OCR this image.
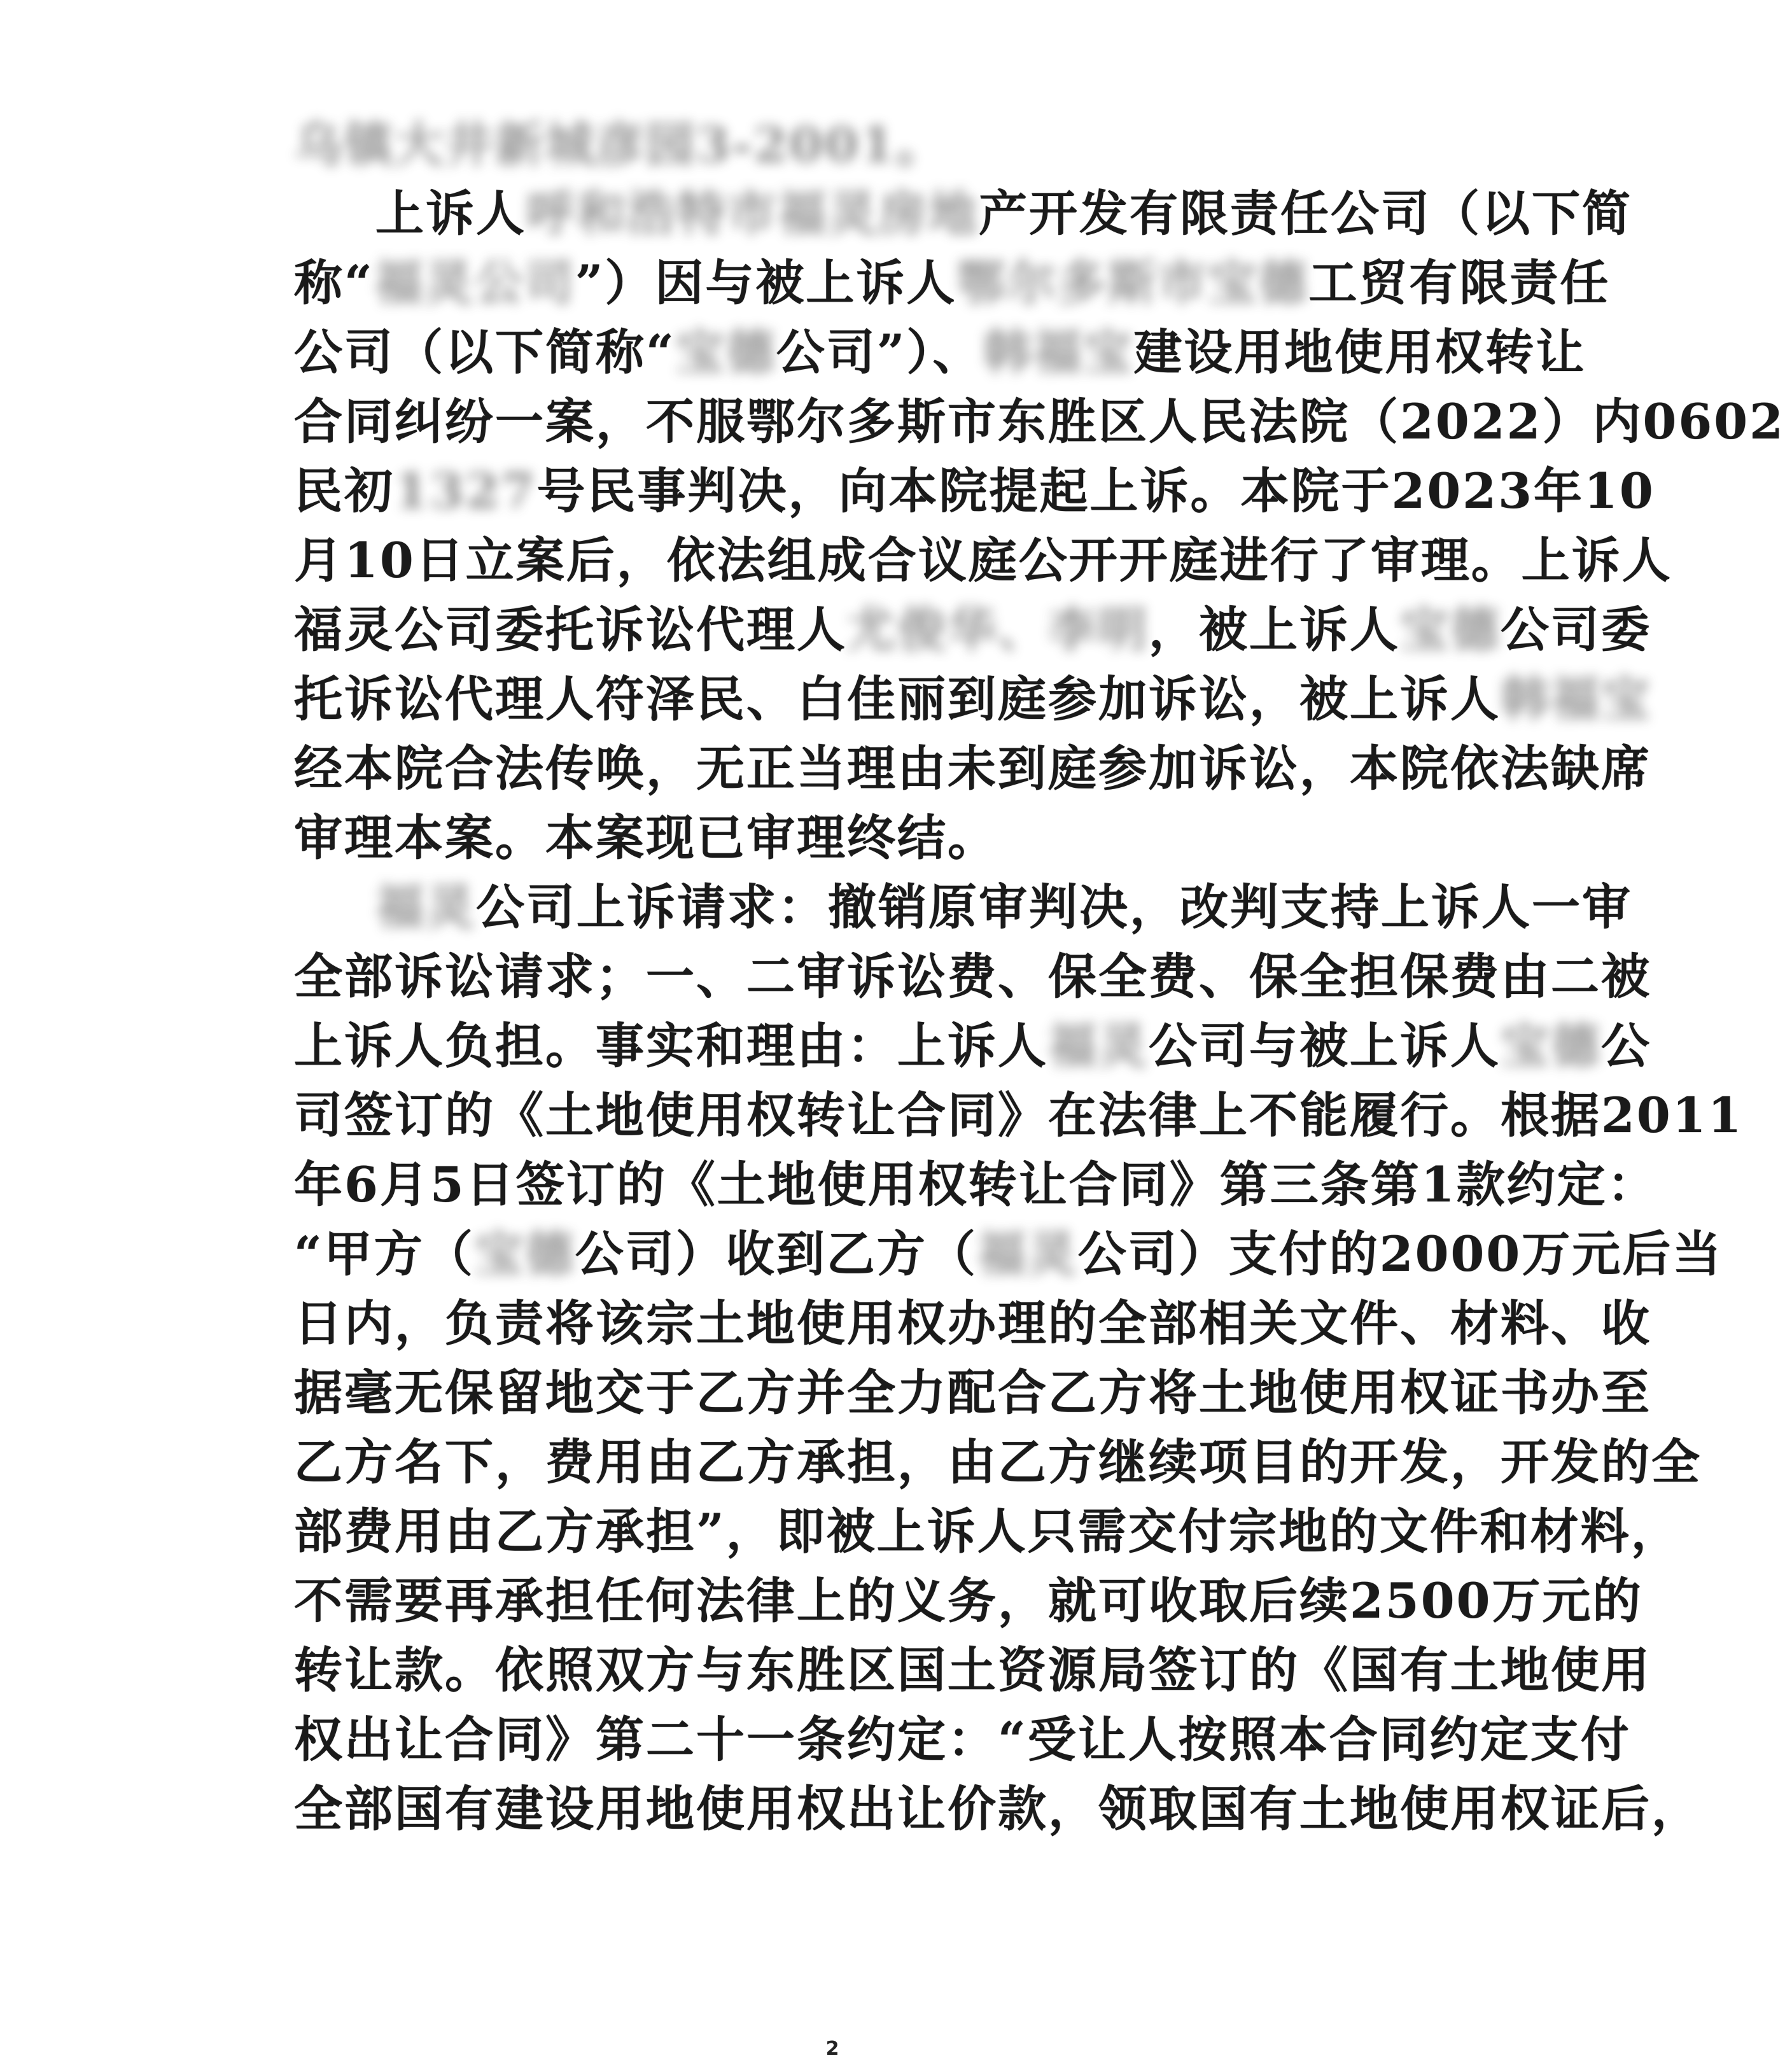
乌镇大井新城彦园3-2001。
上诉人呼和浩特市福灵房地产开发有限责任公司（以下简
称“福灵公司”）因与被上诉人鄂尔多斯市宝德工贸有限责任
公司（以下简称“宝德公司”）、韩福宝建设用地使用权转让
合同纠纷一案，不服鄂尔多斯市东胜区人民法院（2022）内0602
民初1327号民事判决，向本院提起上诉。本院于2023年10
月10日立案后，依法组成合议庭公开开庭进行了审理。上诉人
福灵公司委托诉讼代理人尤俊华、李明，被上诉人宝德公司委
托诉讼代理人符泽民、白佳丽到庭参加诉讼，被上诉人韩福宝
经本院合法传唤，无正当理由未到庭参加诉讼，本院依法缺席
审理本案。本案现已审理终结。
福灵公司上诉请求：撤销原审判决，改判支持上诉人一审
全部诉讼请求；一、二审诉讼费、保全费、保全担保费由二被
上诉人负担。事实和理由：上诉人福灵公司与被上诉人宝德公
司签订的《土地使用权转让合同》在法律上不能履行。根据2011
年6月5日签订的《土地使用权转让合同》第三条第1款约定：
“甲方（宝德公司）收到乙方（福灵公司）支付的2000万元后当
日内，负责将该宗土地使用权办理的全部相关文件、材料、收
据毫无保留地交于乙方并全力配合乙方将土地使用权证书办至
乙方名下，费用由乙方承担，由乙方继续项目的开发，开发的全
部费用由乙方承担”，即被上诉人只需交付宗地的文件和材料，
不需要再承担任何法律上的义务，就可收取后续2500万元的
转让款。依照双方与东胜区国土资源局签订的《国有土地使用
权出让合同》第二十一条约定：“受让人按照本合同约定支付
全部国有建设用地使用权出让价款，领取国有土地使用权证后，
2
